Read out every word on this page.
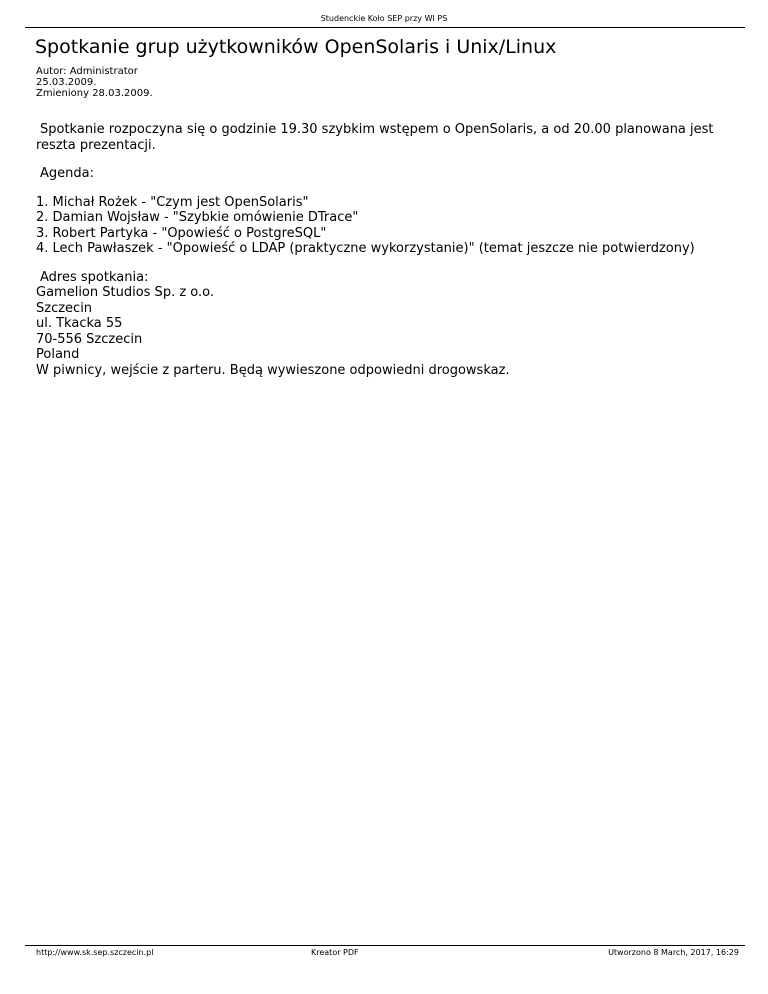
Studenckie Koło SEP przy WI PS
Spotkanie grup użytkowników OpenSolaris i Unix/Linux
Autor: Administrator
25.03.2009.
Zmieniony 28.03.2009.

Spotkanie rozpoczyna się o godzinie 19.30 szybkim wstępem o OpenSolaris, a od 20.00 planowana jest
reszta prezentacji.

Agenda:

1. Michał Rożek - "Czym jest OpenSolaris"
2. Damian Wojsław - "Szybkie omówienie DTrace"
3. Robert Partyka - "Opowieść o PostgreSQL"
4. Lech Pawłaszek - "Opowieść o LDAP (praktyczne wykorzystanie)" (temat jeszcze nie potwierdzony)

Adres spotkania:
Gamelion Studios Sp. z o.o.
Szczecin
ul. Tkacka 55
70-556 Szczecin
Poland
W piwnicy, wejście z parteru. Będą wywieszone odpowiedni drogowskaz.

http://www.sk.sep.szczecin.pl	Kreator PDF	Utworzono 8 March, 2017, 16:29
